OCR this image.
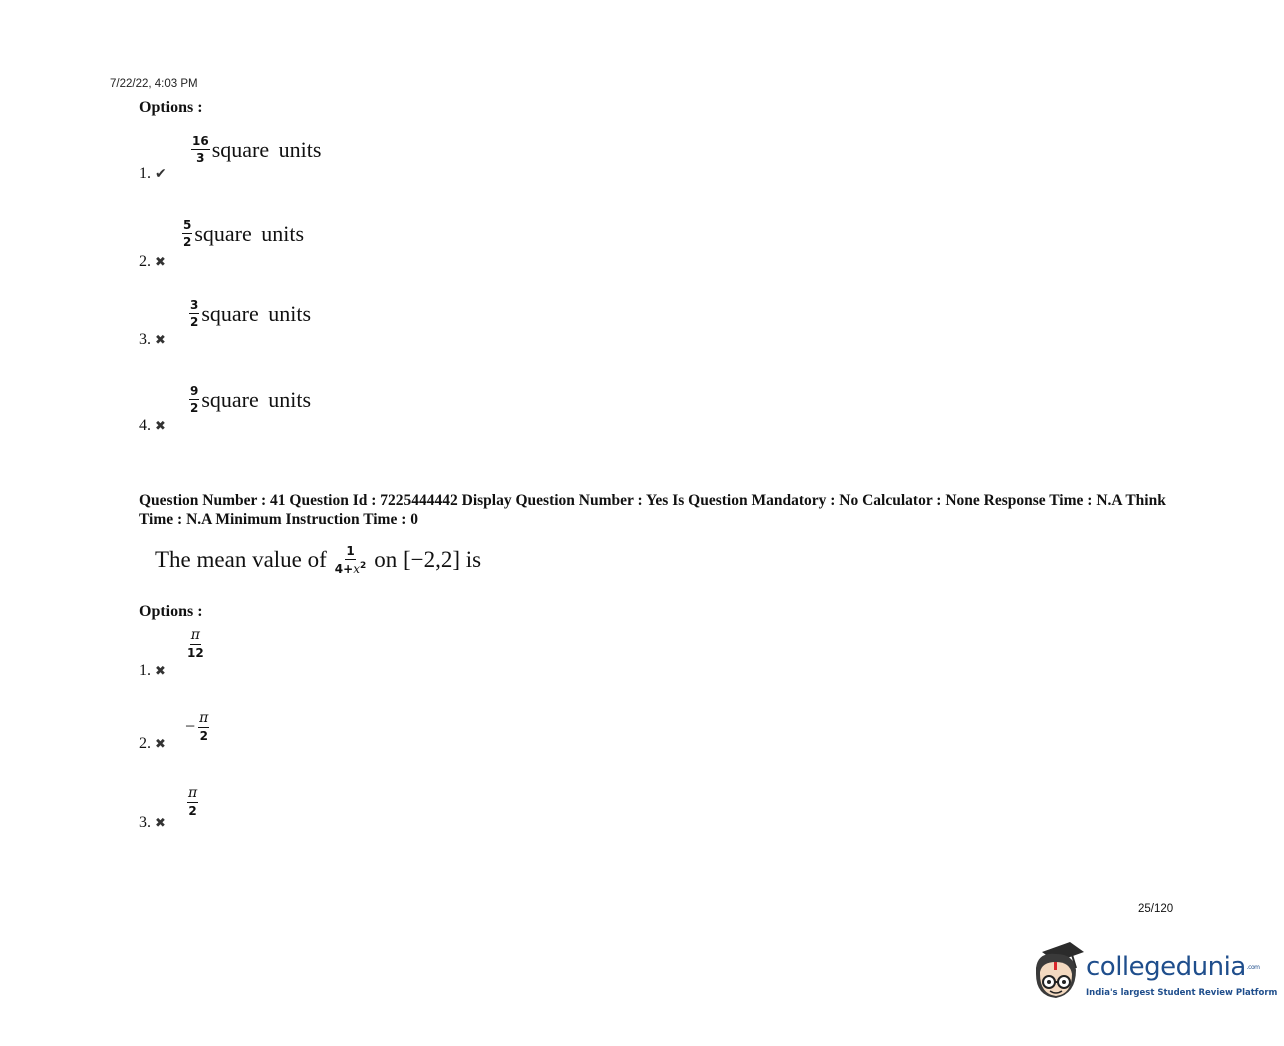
7/22/22, 4:03 PM
Options :
1. ✔
$\frac{16}{3}$ square units
2. ✖
$\frac{5}{2}$ square units
3. ✖
$\frac{3}{2}$ square units
4. ✖
$\frac{9}{2}$ square units
Question Number : 41 Question Id : 7225444442 Display Question Number : Yes Is Question Mandatory : No Calculator : None Response Time : N.A Think Time : N.A Minimum Instruction Time : 0
The mean value of $\frac{1}{4+x^2}$ on [−2,2] is
Options :
1. ✖
$\frac{\pi}{12}$
2. ✖
− $\frac{\pi}{2}$
3. ✖
$\frac{\pi}{2}$
25/120
collegedunia.com
India's largest Student Review Platform
